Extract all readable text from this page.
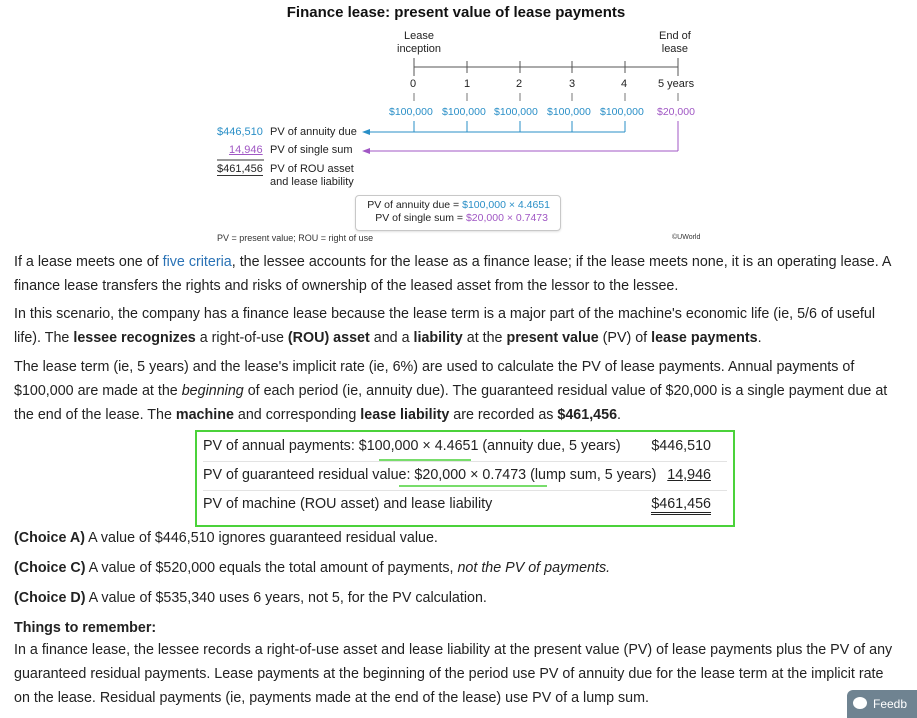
Finance lease: present value of lease payments
Lease
inception
End of
lease
0	1	2	3	4	5 years
$100,000 $100,000 $100,000 $100,000 $100,000 $20,000
$446,510 PV of annuity due
14,946 PV of single sum
$461,456 PV of ROU asset
and lease liability
PV of annuity due = $100,000 × 4.4651
PV of single sum = $20,000 × 0.7473
PV = present value; ROU = right of use	©UWorld
If a lease meets one of five criteria, the lessee accounts for the lease as a finance lease; if the lease meets none, it is an operating lease. A finance lease transfers the rights and risks of ownership of the leased asset from the lessor to the lessee.
In this scenario, the company has a finance lease because the lease term is a major part of the machine's economic life (ie, 5/6 of useful life). The lessee recognizes a right-of-use (ROU) asset and a liability at the present value (PV) of lease payments.
The lease term (ie, 5 years) and the lease's implicit rate (ie, 6%) are used to calculate the PV of lease payments. Annual payments of $100,000 are made at the beginning of each period (ie, annuity due). The guaranteed residual value of $20,000 is a single payment due at the end of the lease. The machine and corresponding lease liability are recorded as $461,456.
PV of annual payments: $100,000 × 4.4651 (annuity due, 5 years) $446,510
PV of guaranteed residual value: $20,000 × 0.7473 (lump sum, 5 years) 14,946
PV of machine (ROU asset) and lease liability	$461,456
(Choice A) A value of $446,510 ignores guaranteed residual value.
(Choice C) A value of $520,000 equals the total amount of payments, not the PV of payments.
(Choice D) A value of $535,340 uses 6 years, not 5, for the PV calculation.
Things to remember:
In a finance lease, the lessee records a right-of-use asset and lease liability at the present value (PV) of lease payments plus the PV of any guaranteed residual payments. Lease payments at the beginning of the period use PV of annuity due for the lease term at the implicit rate on the lease. Residual payments (ie, payments made at the end of the lease) use PV of a lump sum.	Feedb
